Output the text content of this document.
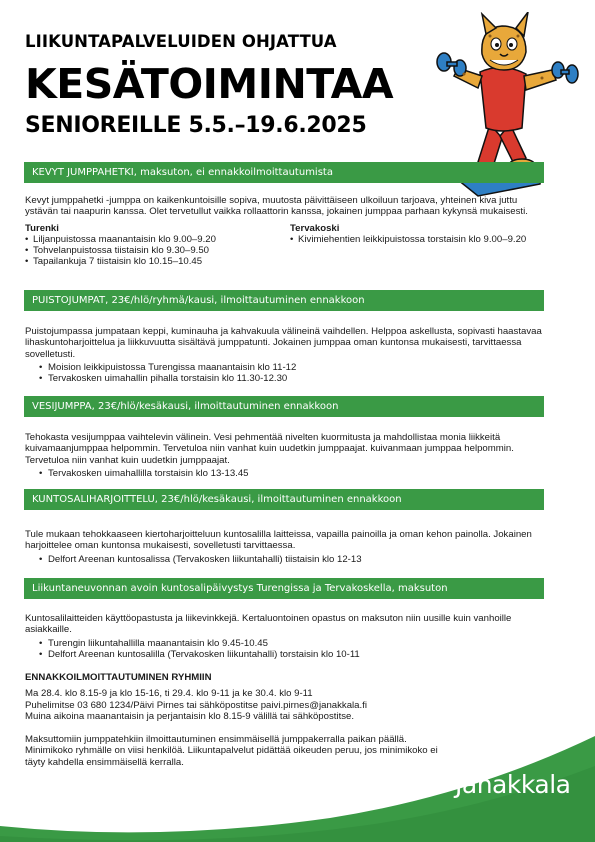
LIIKUNTAPALVELUIDEN OHJATTUA
KESÄTOIMINTAA
SENIOREILLE 5.5.–19.6.2025
KEVYT JUMPPAHETKI, maksuton, ei ennakkoilmoittautumista

Kevyt jumppahetki -jumppa on kaikenkuntoisille sopiva, muutosta päivittäiseen ulkoiluun tarjoava, yhteinen kiva juttu ystävän tai naapurin kanssa. Olet tervetullut vaikka rollaattorin kanssa, jokainen jumppaa parhaan kykynsä mukaisesti.

Turenki
• Liljanpuistossa maanantaisin klo 9.00–9.20
• Tohvelanpuistossa tiistaisin klo 9.30–9.50
• Tapailankuja 7 tiistaisin klo 10.15–10.45
Tervakoski
• Kivimiehentien leikkipuistossa torstaisin klo 9.00–9.20
PUISTOJUMPAT, 23€/hlö/ryhmä/kausi, ilmoittautuminen ennakkoon

Puistojumpassa jumpataan keppi, kuminauha ja kahvakuula välineinä vaihdellen. Helppoa askellusta, sopivasti haastavaa lihaskuntoharjoittelua ja liikkuvuutta sisältävä jumppatunti. Jokainen jumppaa oman kuntonsa mukaisesti, tarvittaessa sovelletusti.

• Moision leikkipuistossa Turengissa maanantaisin klo 11-12
• Tervakosken uimahallin pihalla torstaisin klo 11.30-12.30
VESIJUMPPA, 23€/hlö/kesäkausi, ilmoittautuminen ennakkoon

Tehokasta vesijumppaa vaihtelevin välinein. Vesi pehmentää nivelten kuormitusta ja mahdollistaa monia liikkeitä kuivamaanjumppaa helpommin. Tervetuloa niin vanhat kuin uudetkin jumppaajat. kuivanmaan jumppaa helpommin. Tervetuloa niin vanhat kuin uudetkin jumppaajat.

• Tervakosken uimahallilla torstaisin klo 13-13.45
KUNTOSALIHARJOITTELU, 23€/hlö/kesäkausi, ilmoittautuminen ennakkoon

Tule mukaan tehokkaaseen kiertoharjoitteluun kuntosalilla laitteissa, vapailla painoilla ja oman kehon painolla. Jokainen harjoittelee oman kuntonsa mukaisesti, sovelletusti tarvittaessa.

• Delfort Areenan kuntosalissa (Tervakosken liikuntahalli) tiistaisin klo 12-13
Liikuntaneuvonnan avoin kuntosalipäivystys Turengissa ja Tervakoskella, maksuton

Kuntosalilaitteiden käyttöopastusta ja liikevinkkejä. Kertaluontoinen opastus on maksuton niin uusille kuin vanhoille asiakkaille.

• Turengin liikuntahallilla maanantaisin klo 9.45-10.45
• Delfort Areenan kuntosalilla (Tervakosken liikuntahalli) torstaisin klo 10-11

ENNAKKOILMOITTAUTUMINEN RYHMIIN

Ma 28.4. klo 8.15-9 ja klo 15-16, ti 29.4. klo 9-11 ja ke 30.4. klo 9-11

Puhelimitse 03 680 1234/Päivi Pirnes tai sähköpostitse paivi.pirnes@janakkala.fi

Muina aikoina maanantaisin ja perjantaisin klo 8.15-9 välillä tai sähköpostitse.

Maksuttomiin jumppatehkiin ilmoittautuminen ensimmäisellä jumppakerralla paikan päällä. Minimikoko ryhmälle on viisi henkilöä. Liikuntapalvelut pidättää oikeuden peruu, jos minimikoko ei täyty kahdella ensimmäisellä kerralla.

Janakkala
